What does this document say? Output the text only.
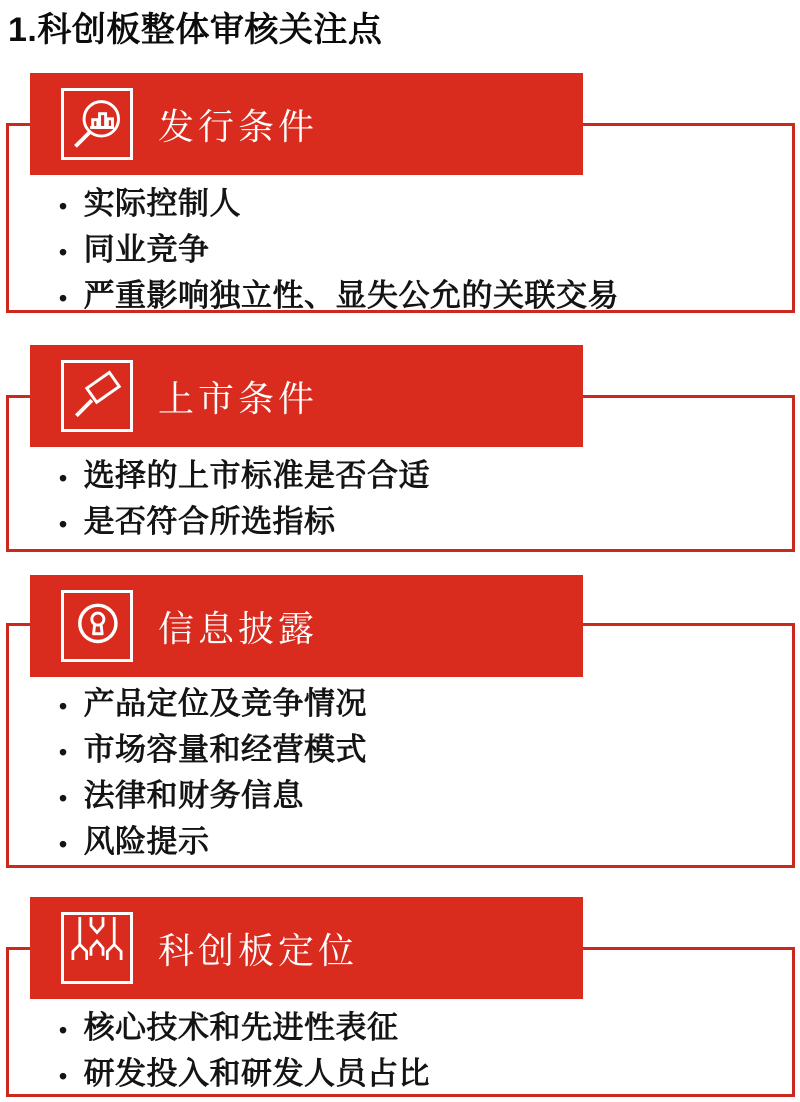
1.科创板整体审核关注点
• 实际控制人
• 同业竞争
• 严重影响独立性、显失公允的关联交易
发行条件
• 选择的上市标准是否合适
• 是否符合所选指标
上市条件
• 产品定位及竞争情况
• 市场容量和经营模式
• 法律和财务信息
• 风险提示
信息披露
• 核心技术和先进性表征
• 研发投入和研发人员占比
科创板定位
